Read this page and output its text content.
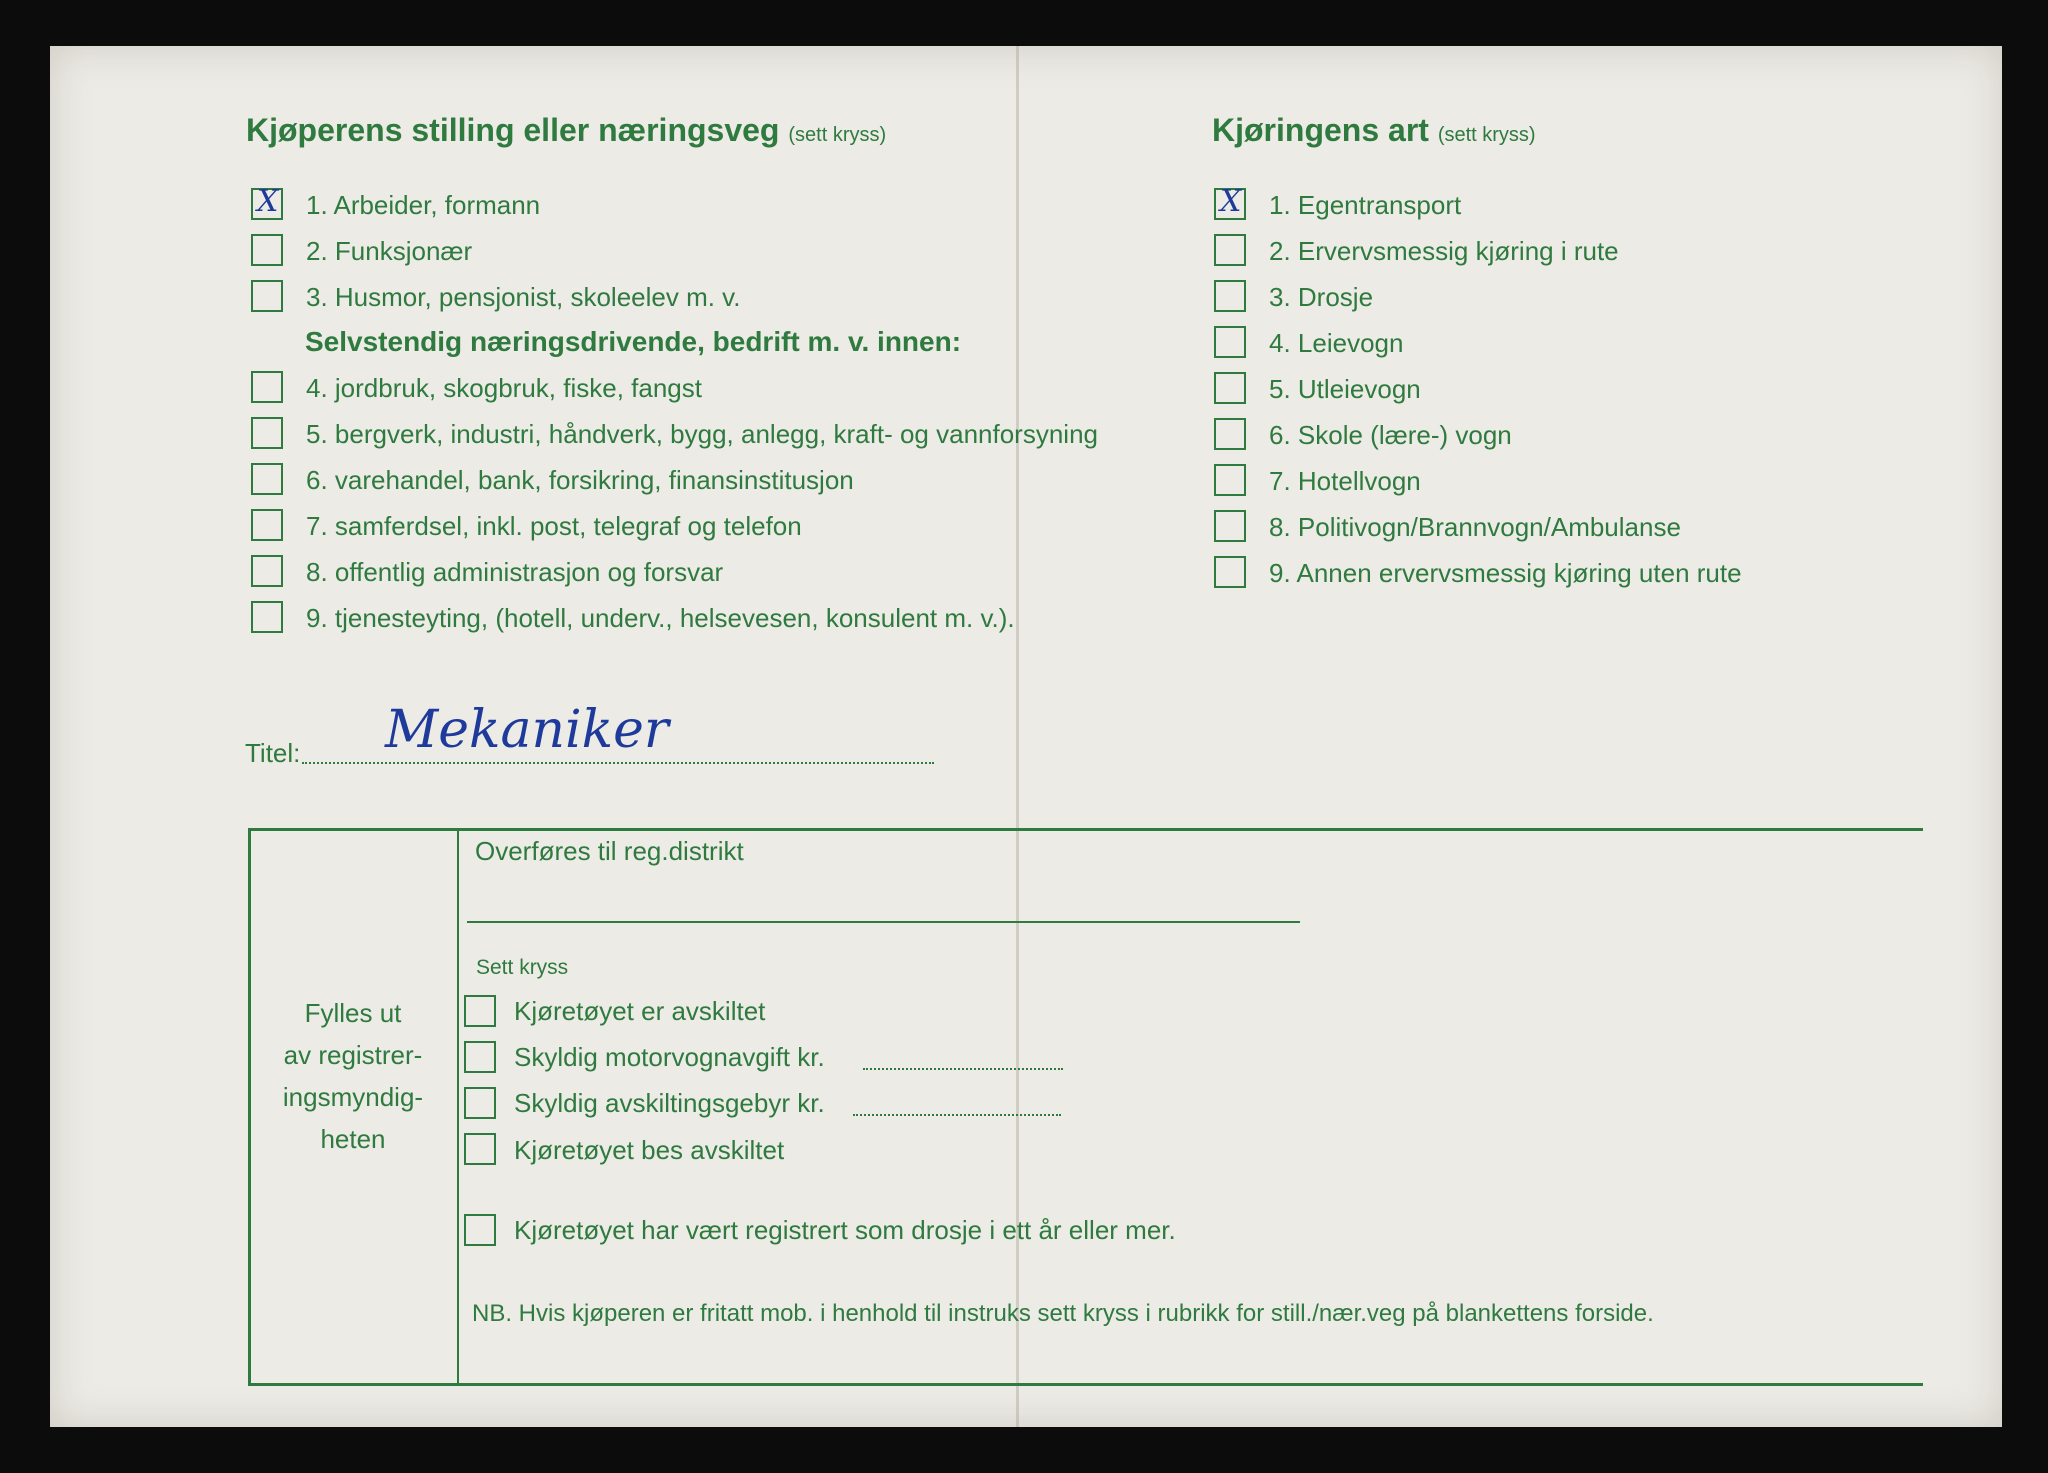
Kjøperens stilling eller næringsveg (sett kryss)
X 1. Arbeider, formann
2. Funksjonær
3. Husmor, pensjonist, skoleelev m. v.
Selvstendig næringsdrivende, bedrift m. v. innen:
4. jordbruk, skogbruk, fiske, fangst
5. bergverk, industri, håndverk, bygg, anlegg, kraft- og vannforsyning
6. varehandel, bank, forsikring, finansinstitusjon
7. samferdsel, inkl. post, telegraf og telefon
8. offentlig administrasjon og forsvar
9. tjenesteyting, (hotell, underv., helsevesen, konsulent m. v.).
Kjøringens art (sett kryss)
X 1. Egentransport
2. Ervervsmessig kjøring i rute
3. Drosje
4. Leievogn
5. Utleievogn
6. Skole (lære-) vogn
7. Hotellvogn
8. Politivogn/Brannvogn/Ambulanse
9. Annen ervervsmessig kjøring uten rute
Titel: Mekaniker
Fylles ut
av registrer-
ingsmyndig-
heten
Overføres til reg.distrikt
Sett kryss
Kjøretøyet er avskiltet
Skyldig motorvognavgift kr.
Skyldig avskiltingsgebyr kr.
Kjøretøyet bes avskiltet
Kjøretøyet har vært registrert som drosje i ett år eller mer.
NB. Hvis kjøperen er fritatt mob. i henhold til instruks sett kryss i rubrikk for still./nær.veg på blankettens forside.
